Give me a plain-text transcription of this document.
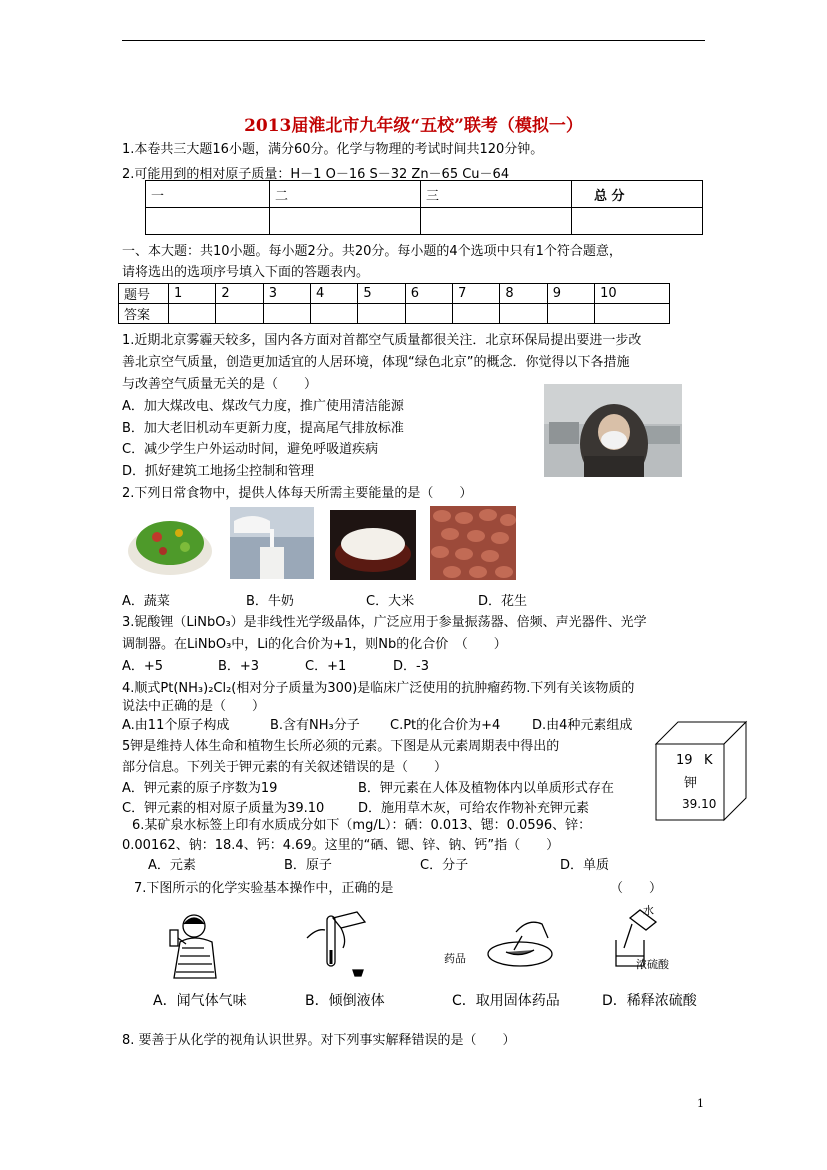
2013届淮北市九年级“五校”联考（模拟一）
1.本卷共三大题16小题，满分60分。化学与物理的考试时间共120分钟。
2.可能用到的相对原子质量：H－1 O－16 S－32 Zn－65 Cu－64
一	二	三	总 分

一、本大题：共10小题。每小题2分。共20分。每小题的4个选项中只有1个符合题意，
请将选出的选项序号填入下面的答题表内。
题号	1	2	3	4	5	6	7	8	9	10
答案										
1.近期北京雾霾天较多，国内各方面对首都空气质量都很关注．北京环保局提出要进一步改
善北京空气质量，创造更加适宜的人居环境，体现“绿色北京”的概念．你觉得以下各措施
与改善空气质量无关的是（　　）
A．加大煤改电、煤改气力度，推广使用清洁能源
B．加大老旧机动车更新力度，提高尾气排放标准
C．减少学生户外运动时间，避免呼吸道疾病
D．抓好建筑工地扬尘控制和管理
2.下列日常食物中，提供人体每天所需主要能量的是（　　）
A．蔬菜	B．牛奶	C．大米	D．花生
3.铌酸锂（LiNbO₃）是非线性光学级晶体，广泛应用于参量振荡器、倍频、声光器件、光学
调制器。在LiNbO₃中，Li的化合价为+1，则Nb的化合价　（　　）
A．+5	B．+3	C．+1	D．-3
4.顺式Pt(NH₃)₂Cl₂(相对分子质量为300)是临床广泛使用的抗肿瘤药物.下列有关该物质的
说法中正确的是（　　）
A.由11个原子构成	B.含有NH₃分子 C.Pt的化合价为+4 D.由4种元素组成
5钾是维持人体生命和植物生长所必须的元素。下图是从元素周期表中得出的
部分信息。下列关于钾元素的有关叙述错误的是（　　）
A．钾元素的原子序数为19	B．钾元素在人体及植物体内以单质形式存在
C．钾元素的相对原子质量为39.10	D．施用草木灰，可给农作物补充钾元素
19 K
钾
39.10
6.某矿泉水标签上印有水质成分如下（mg/L）：硒：0.013、锶：0.0596、锌：
0.00162、钠：18.4、钙：4.69。这里的“硒、锶、锌、钠、钙”指（　　）
A．元素	B．原子	C．分子	D．单质
7.下图所示的化学实验基本操作中，正确的是	（　　）
药品
水
浓硫酸
A．闻气体气味	B．倾倒液体	C．取用固体药品	D．稀释浓硫酸
8. 要善于从化学的视角认识世界。对下列事实解释错误的是（　　）
1
